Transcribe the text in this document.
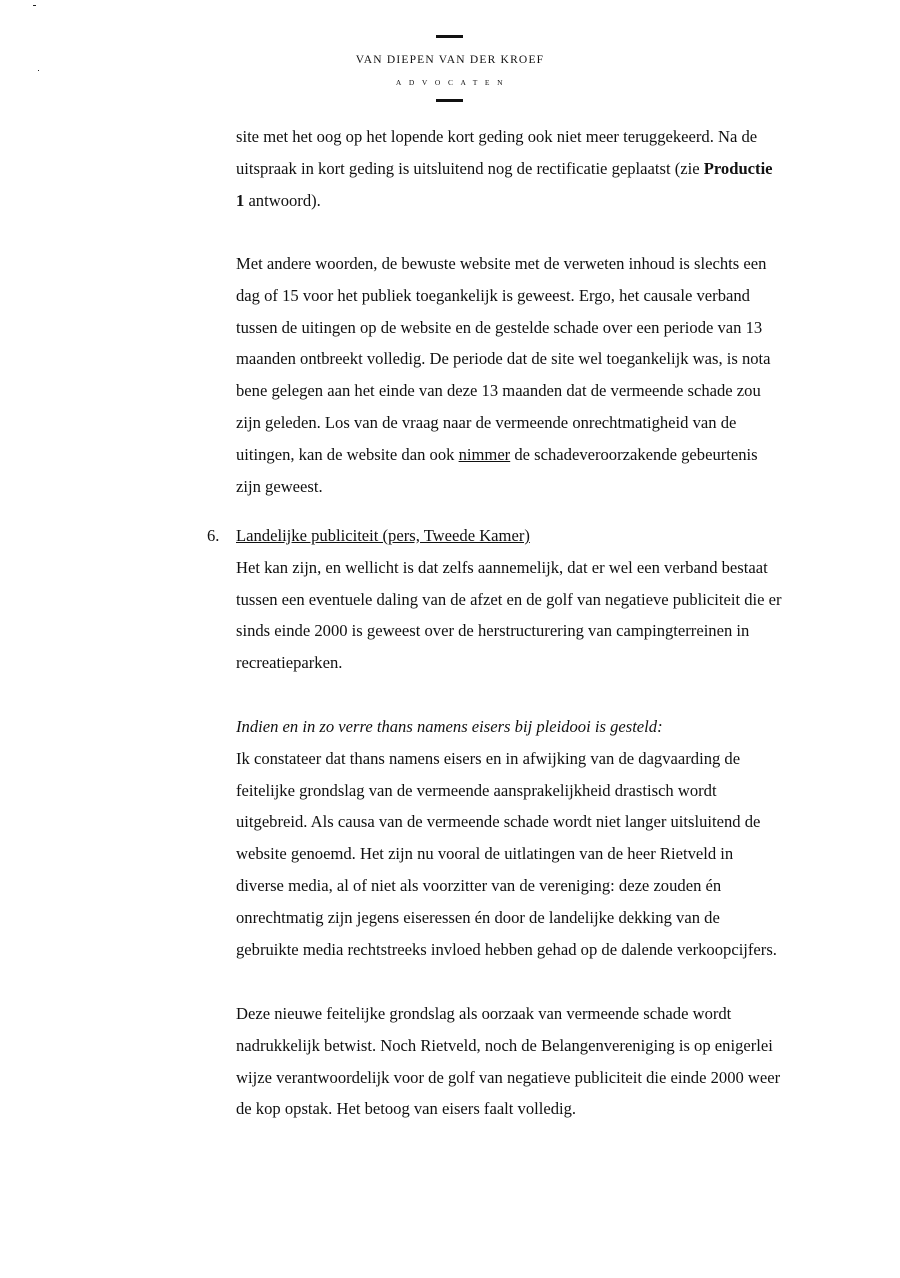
VAN DIEPEN VAN DER KROEF
ADVOCATEN
site met het oog op het lopende kort geding ook niet meer teruggekeerd. Na de
uitspraak in kort geding is uitsluitend nog de rectificatie geplaatst (zie Productie
1 antwoord).
Met andere woorden, de bewuste website met de verweten inhoud is slechts een
dag of 15 voor het publiek toegankelijk is geweest. Ergo, het causale verband
tussen de uitingen op de website en de gestelde schade over een periode van 13
maanden ontbreekt volledig. De periode dat de site wel toegankelijk was, is nota
bene gelegen aan het einde van deze 13 maanden dat de vermeende schade zou
zijn geleden. Los van de vraag naar de vermeende onrechtmatigheid van de
uitingen, kan de website dan ook nimmer de schadeveroorzakende gebeurtenis
zijn geweest.
6. Landelijke publiciteit (pers, Tweede Kamer)
Het kan zijn, en wellicht is dat zelfs aannemelijk, dat er wel een verband bestaat
tussen een eventuele daling van de afzet en de golf van negatieve publiciteit die er
sinds einde 2000 is geweest over de herstructurering van campingterreinen in
recreatieparken.
Indien en in zo verre thans namens eisers bij pleidooi is gesteld:
Ik constateer dat thans namens eisers en in afwijking van de dagvaarding de
feitelijke grondslag van de vermeende aansprakelijkheid drastisch wordt
uitgebreid. Als causa van de vermeende schade wordt niet langer uitsluitend de
website genoemd. Het zijn nu vooral de uitlatingen van de heer Rietveld in
diverse media, al of niet als voorzitter van de vereniging: deze zouden én
onrechtmatig zijn jegens eiseressen én door de landelijke dekking van de
gebruikte media rechtstreeks invloed hebben gehad op de dalende verkoopcijfers.
Deze nieuwe feitelijke grondslag als oorzaak van vermeende schade wordt
nadrukkelijk betwist. Noch Rietveld, noch de Belangenvereniging is op enigerlei
wijze verantwoordelijk voor de golf van negatieve publiciteit die einde 2000 weer
de kop opstak. Het betoog van eisers faalt volledig.
